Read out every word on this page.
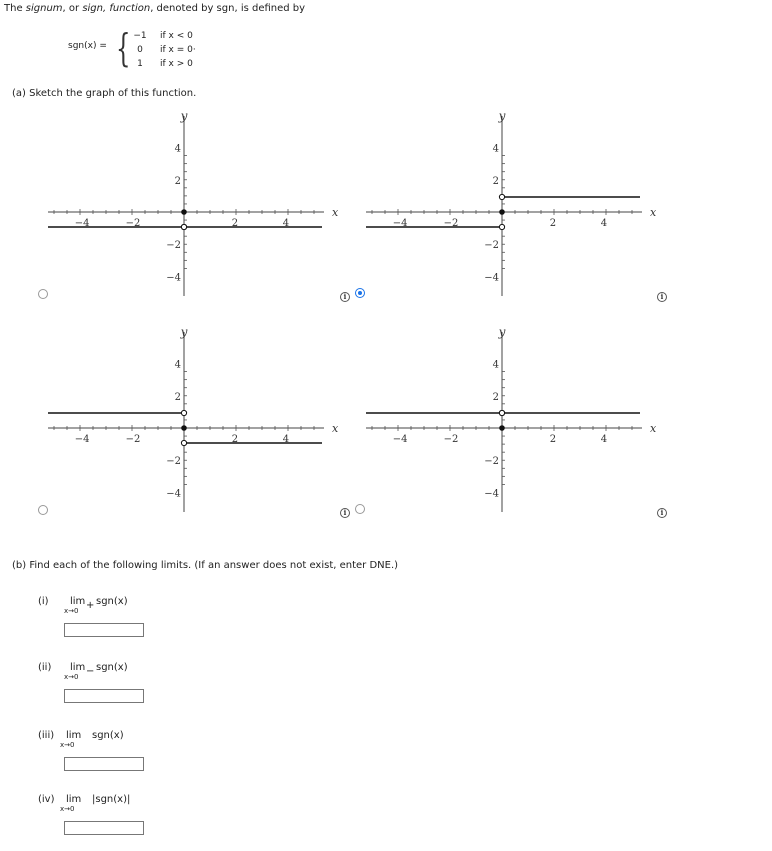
The signum, or sign, function, denoted by sgn, is defined by
sgn(x) = { −1	if x < 0
0	if x = 0·
1	if x > 0
(a) Sketch the graph of this function.
−4	−2	2	4
4
2
−2
−4
x
y
i
−4	−2	2	4
4
2
−2
−4
x
y
i
−4	−2	2	4
4
2
−2
−4
x
y
i
−4	−2	2	4
4
2
−2
−4
x
y
i
(b) Find each of the following limits. (If an answer does not exist, enter DNE.)
(i) lim +
x→0
sgn(x)
(ii) lim −
x→0
sgn(x)
(iii) lim
x→0
sgn(x)
(iv) lim
x→0
|sgn(x)|
